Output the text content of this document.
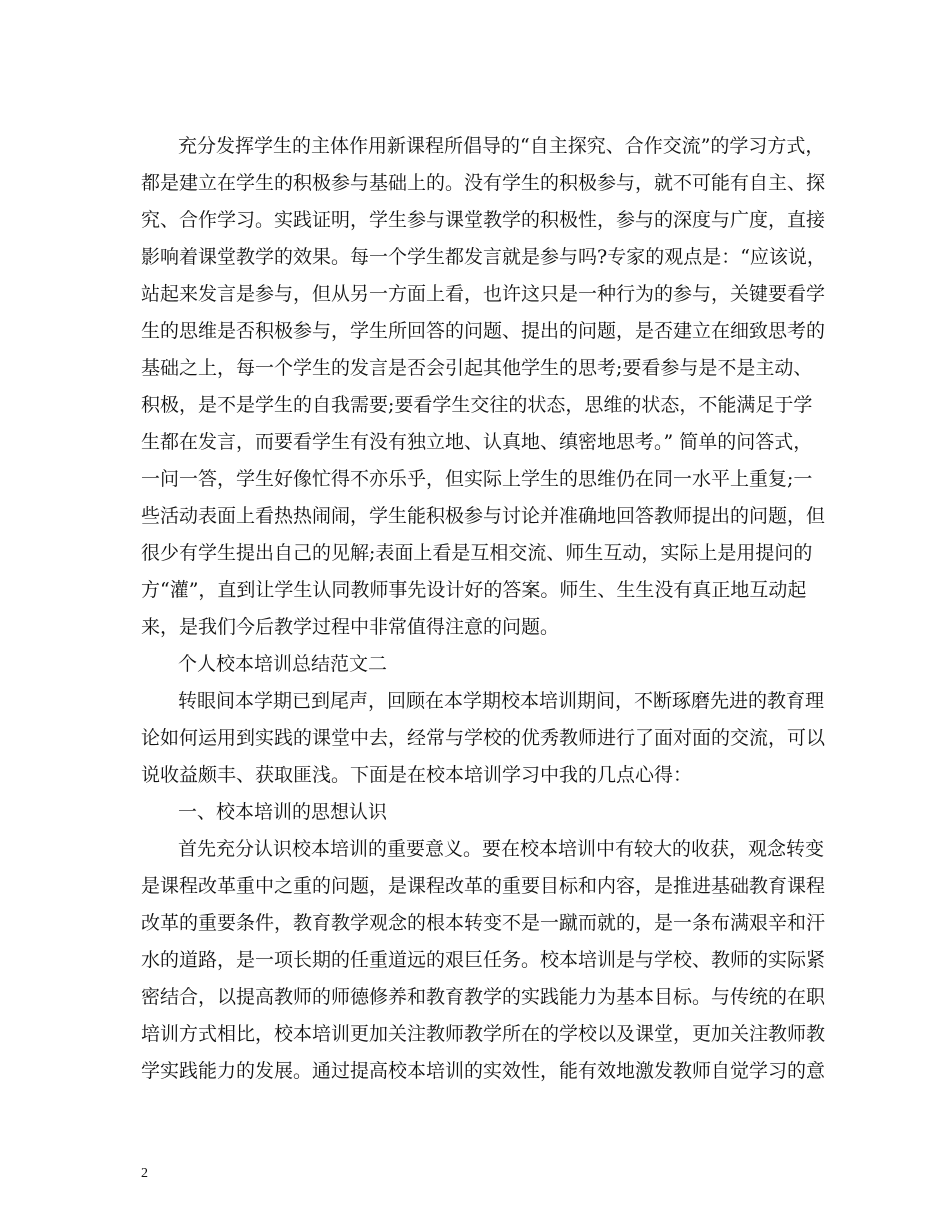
充分发挥学生的主体作用新课程所倡导的“自主探究、合作交流”的学习方式，
都是建立在学生的积极参与基础上的。没有学生的积极参与，就不可能有自主、探
究、合作学习。实践证明，学生参与课堂教学的积极性，参与的深度与广度，直接
影响着课堂教学的效果。每一个学生都发言就是参与吗?专家的观点是：“应该说，
站起来发言是参与，但从另一方面上看，也许这只是一种行为的参与，关键要看学
生的思维是否积极参与，学生所回答的问题、提出的问题，是否建立在细致思考的
基础之上，每一个学生的发言是否会引起其他学生的思考;要看参与是不是主动、
积极，是不是学生的自我需要;要看学生交往的状态，思维的状态，不能满足于学
生都在发言，而要看学生有没有独立地、认真地、缜密地思考。” 简单的问答式，
一问一答，学生好像忙得不亦乐乎，但实际上学生的思维仍在同一水平上重复;一
些活动表面上看热热闹闹，学生能积极参与讨论并准确地回答教师提出的问题，但
很少有学生提出自己的见解;表面上看是互相交流、师生互动，实际上是用提问的
方“灌”，直到让学生认同教师事先设计好的答案。师生、生生没有真正地互动起
来，是我们今后教学过程中非常值得注意的问题。
个人校本培训总结范文二
转眼间本学期已到尾声，回顾在本学期校本培训期间，不断琢磨先进的教育理
论如何运用到实践的课堂中去，经常与学校的优秀教师进行了面对面的交流，可以
说收益颇丰、获取匪浅。下面是在校本培训学习中我的几点心得：
一、校本培训的思想认识
首先充分认识校本培训的重要意义。要在校本培训中有较大的收获，观念转变
是课程改革重中之重的问题，是课程改革的重要目标和内容，是推进基础教育课程
改革的重要条件，教育教学观念的根本转变不是一蹴而就的，是一条布满艰辛和汗
水的道路，是一项长期的任重道远的艰巨任务。校本培训是与学校、教师的实际紧
密结合，以提高教师的师德修养和教育教学的实践能力为基本目标。与传统的在职
培训方式相比，校本培训更加关注教师教学所在的学校以及课堂，更加关注教师教
学实践能力的发展。通过提高校本培训的实效性，能有效地激发教师自觉学习的意
2
